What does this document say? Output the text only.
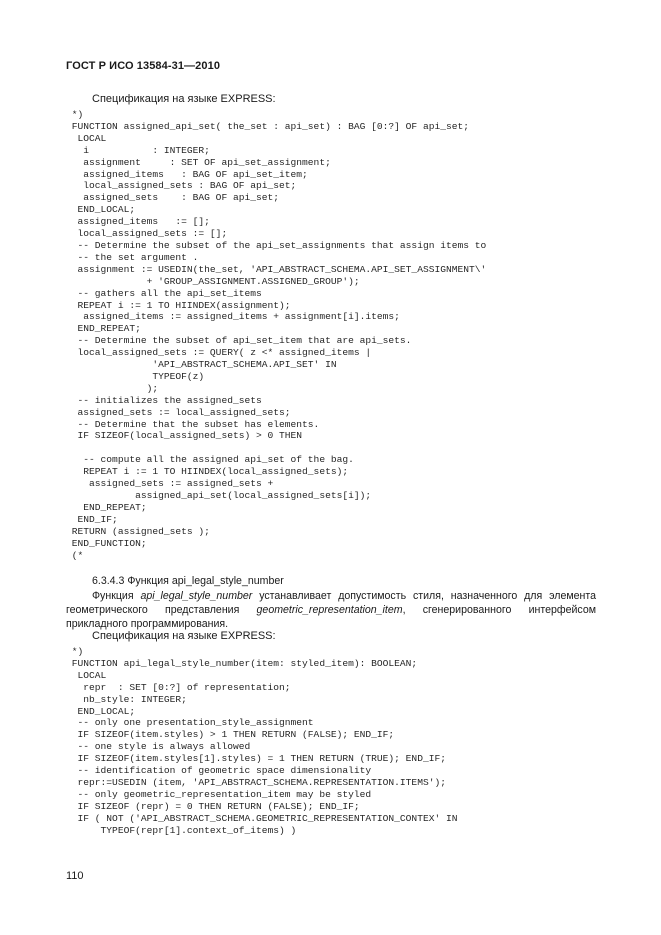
ГОСТ Р ИСО 13584-31—2010
Спецификация на языке EXPRESS:
*)
FUNCTION assigned_api_set( the_set : api_set) : BAG [0:?] OF api_set;
LOCAL
i           : INTEGER;
assignment     : SET OF api_set_assignment;
assigned_items   : BAG OF api_set_item;
local_assigned_sets : BAG OF api_set;
assigned_sets    : BAG OF api_set;
END_LOCAL;
assigned_items   := [];
local_assigned_sets := [];
-- Determine the subset of the api_set_assignments that assign items to
-- the set argument .
assignment := USEDIN(the_set, 'API_ABSTRACT_SCHEMA.API_SET_ASSIGNMENT\'
+ 'GROUP_ASSIGNMENT.ASSIGNED_GROUP');
-- gathers all the api_set_items
REPEAT i := 1 TO HIINDEX(assignment);
assigned_items := assigned_items + assignment[i].items;
END_REPEAT;
-- Determine the subset of api_set_item that are api_sets.
local_assigned_sets := QUERY( z <* assigned_items |
'API_ABSTRACT_SCHEMA.API_SET' IN
TYPEOF(z)
);
-- initializes the assigned_sets
assigned_sets := local_assigned_sets;
-- Determine that the subset has elements.
IF SIZEOF(local_assigned_sets) > 0 THEN

-- compute all the assigned api_set of the bag.
REPEAT i := 1 TO HIINDEX(local_assigned_sets);
assigned_sets := assigned_sets +
assigned_api_set(local_assigned_sets[i]);
END_REPEAT;
END_IF;
RETURN (assigned_sets );
END_FUNCTION;
(*
6.3.4.3 Функция api_legal_style_number
Функция api_legal_style_number устанавливает допустимость стиля, назначенного для элемента геометрического представления geometric_representation_item, сгенерированного интерфейсом прикладного программирования.
Спецификация на языке EXPRESS:
*)
FUNCTION api_legal_style_number(item: styled_item): BOOLEAN;
LOCAL
repr  : SET [0:?] of representation;
nb_style: INTEGER;
END_LOCAL;
-- only one presentation_style_assignment
IF SIZEOF(item.styles) > 1 THEN RETURN (FALSE); END_IF;
-- one style is always allowed
IF SIZEOF(item.styles[1].styles) = 1 THEN RETURN (TRUE); END_IF;
-- identification of geometric space dimensionality
repr:=USEDIN (item, 'API_ABSTRACT_SCHEMA.REPRESENTATION.ITEMS');
-- only geometric_representation_item may be styled
IF SIZEOF (repr) = 0 THEN RETURN (FALSE); END_IF;
IF ( NOT ('API_ABSTRACT_SCHEMA.GEOMETRIC_REPRESENTATION_CONTEX' IN
TYPEOF(repr[1].context_of_items) )
110
